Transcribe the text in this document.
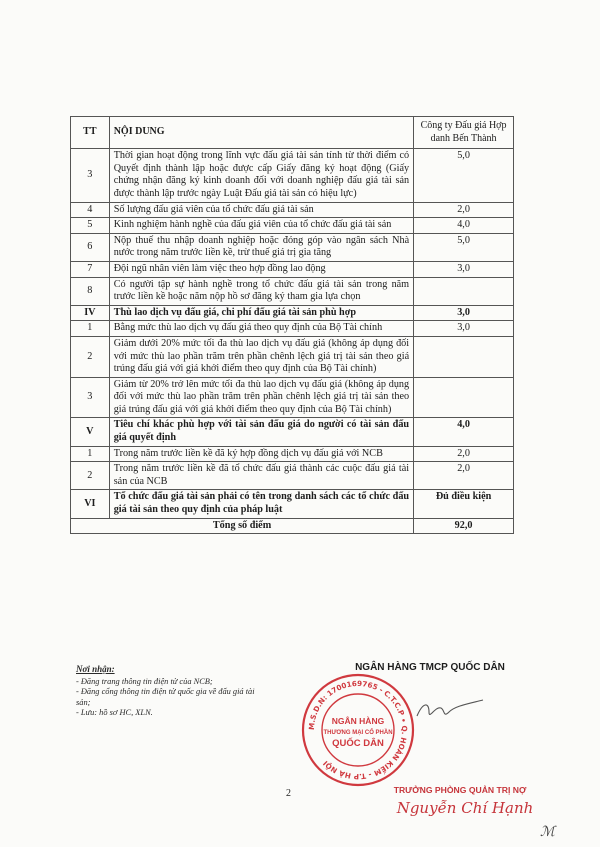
TT	NỘI DUNG	Công ty Đấu giá Hợp danh Bến Thành
3	Thời gian hoạt động trong lĩnh vực đấu giá tài sản tính từ thời điểm có Quyết định thành lập hoặc được cấp Giấy đăng ký hoạt động (Giấy chứng nhận đăng ký kinh doanh đối với doanh nghiệp đấu giá tài sản được thành lập trước ngày Luật Đấu giá tài sản có hiệu lực)	5,0
4	Số lượng đấu giá viên của tổ chức đấu giá tài sản	2,0
5	Kinh nghiệm hành nghề của đấu giá viên của tổ chức đấu giá tài sản	4,0
6	Nộp thuế thu nhập doanh nghiệp hoặc đóng góp vào ngân sách Nhà nước trong năm trước liền kề, trừ thuế giá trị gia tăng	5,0
7	Đội ngũ nhân viên làm việc theo hợp đồng lao động	3,0
8	Có người tập sự hành nghề trong tổ chức đấu giá tài sản trong năm trước liền kề hoặc năm nộp hồ sơ đăng ký tham gia lựa chọn	
IV	Thù lao dịch vụ đấu giá, chi phí đấu giá tài sản phù hợp	3,0
1	Bằng mức thù lao dịch vụ đấu giá theo quy định của Bộ Tài chính	3,0
2	Giảm dưới 20% mức tối đa thù lao dịch vụ đấu giá (không áp dụng đối với mức thù lao phần trăm trên phần chênh lệch giá trị tài sản theo giá trúng đấu giá với giá khởi điểm theo quy định của Bộ Tài chính)	
3	Giảm từ 20% trở lên mức tối đa thù lao dịch vụ đấu giá (không áp dụng đối với mức thù lao phần trăm trên phần chênh lệch giá trị tài sản theo giá trúng đấu giá với giá khởi điểm theo quy định của Bộ Tài chính)	
V	Tiêu chí khác phù hợp với tài sản đấu giá do người có tài sản đấu giá quyết định	4,0
1	Trong năm trước liền kề đã ký hợp đồng dịch vụ đấu giá với NCB	2,0
2	Trong năm trước liền kề đã tổ chức đấu giá thành các cuộc đấu giá tài sản của NCB	2,0
VI	Tổ chức đấu giá tài sản phải có tên trong danh sách các tổ chức đấu giá tài sản theo quy định của pháp luật	Đủ điều kiện
Tổng số điểm		92,0
Nơi nhận:
- Đăng trang thông tin điện tử của NCB;
- Đăng cổng thông tin điện tử quốc gia về đấu giá tài sản;
- Lưu: hồ sơ HC, XLN.
NGÂN HÀNG TMCP QUỐC DÂN
M.S.D.N: 1700169765 - C.T.C.P • Q. HOÀN KIẾM - T.P HÀ NỘI
NGÂN HÀNG
THƯƠNG MẠI CỔ PHẦN
QUỐC DÂN
2	TRƯỞNG PHÒNG QUẢN TRỊ NỢ
Nguyễn Chí Hạnh
ℳ
